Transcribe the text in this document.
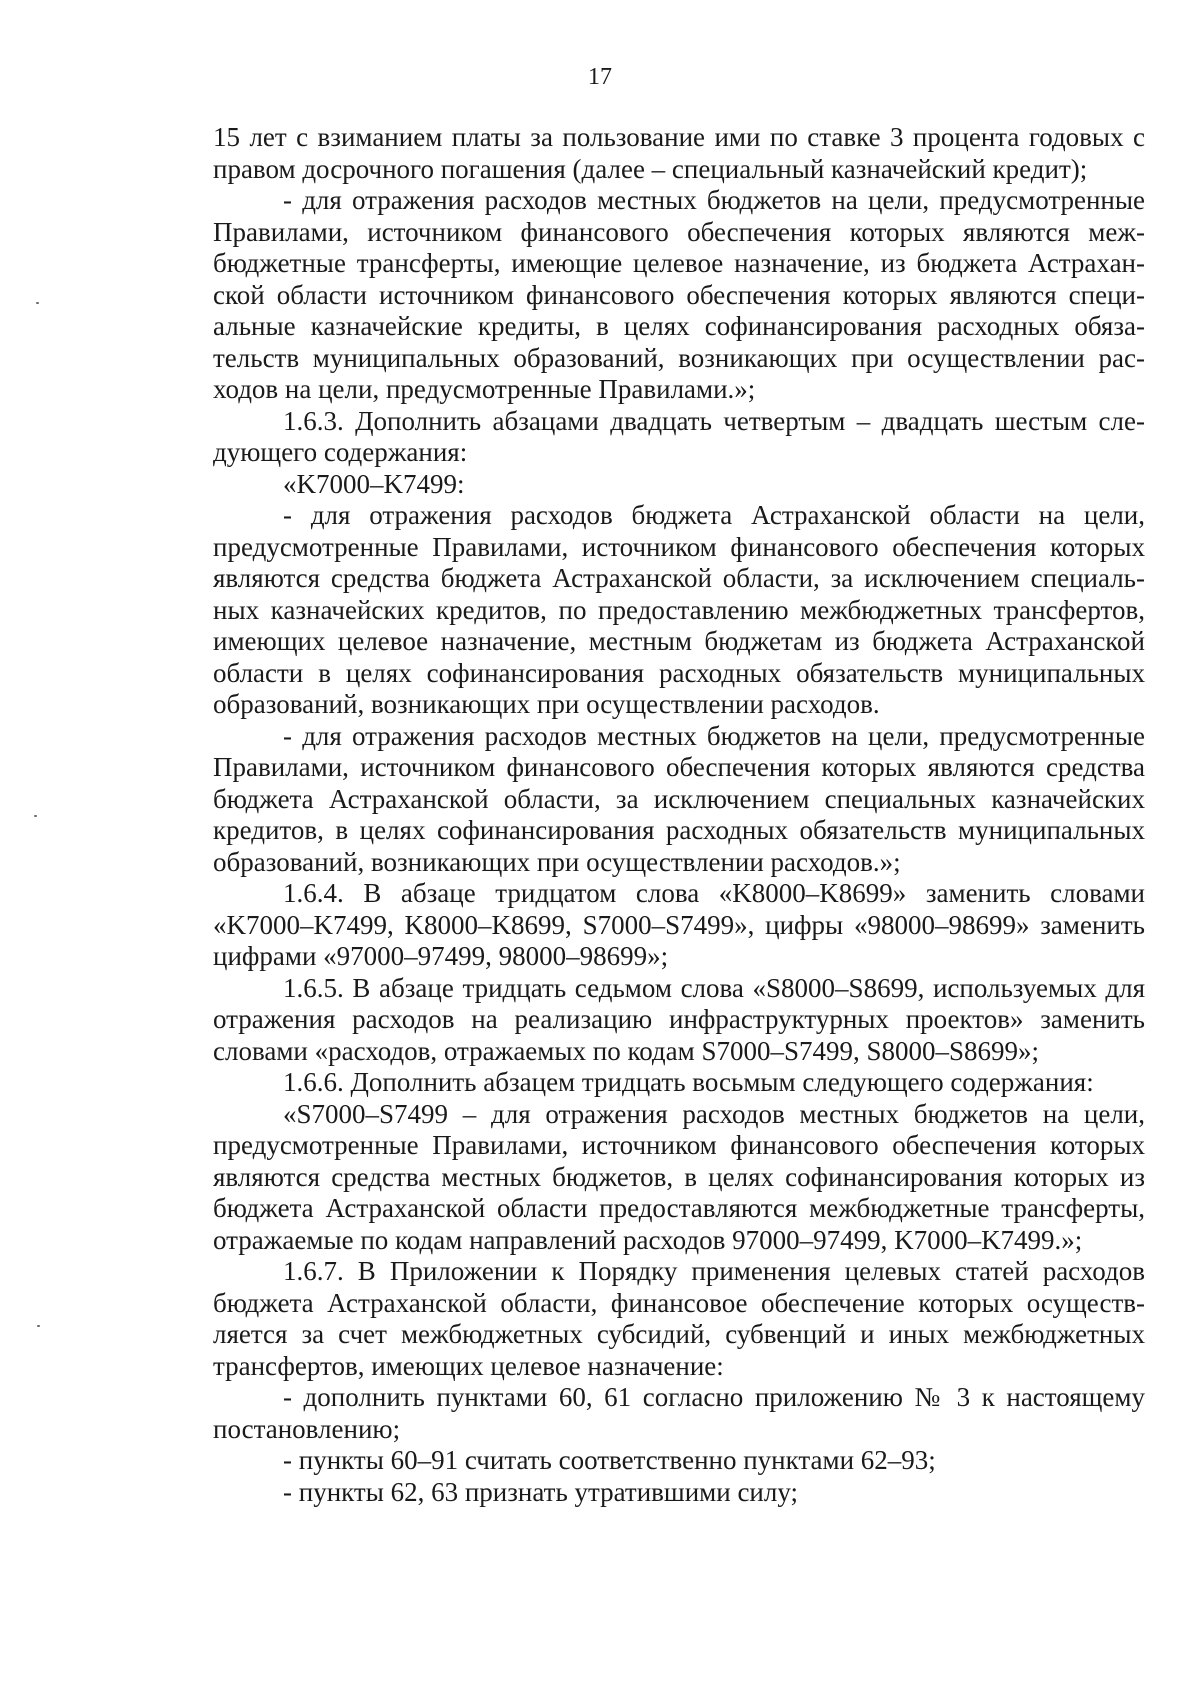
17

15 лет с взиманием платы за пользование ими по ставке 3 процента годовых с правом досрочного погашения (далее – специальный казначейский кредит);

- для отражения расходов местных бюджетов на цели, предусмотренные Правилами, источником финансового обеспечения которых являются межбюджетные трансферты, имеющие целевое назначение, из бюджета Астраханской области источником финансового обеспечения которых являются специальные казначейские кредиты, в целях софинансирования расходных обязательств муниципальных образований, возникающих при осуществлении расходов на цели, предусмотренные Правилами.»;

1.6.3. Дополнить абзацами двадцать четвертым – двадцать шестым следующего содержания:

«K7000–K7499:

- для отражения расходов бюджета Астраханской области на цели, предусмотренные Правилами, источником финансового обеспечения которых являются средства бюджета Астраханской области, за исключением специальных казначейских кредитов, по предоставлению межбюджетных трансфертов, имеющих целевое назначение, местным бюджетам из бюджета Астраханской области в целях софинансирования расходных обязательств муниципальных образований, возникающих при осуществлении расходов.

- для отражения расходов местных бюджетов на цели, предусмотренные Правилами, источником финансового обеспечения которых являются средства бюджета Астраханской области, за исключением специальных казначейских кредитов, в целях софинансирования расходных обязательств муниципальных образований, возникающих при осуществлении расходов.»;

1.6.4. В абзаце тридцатом слова «K8000–K8699» заменить словами «K7000–K7499, K8000–K8699, S7000–S7499», цифры «98000–98699» заменить цифрами «97000–97499, 98000–98699»;

1.6.5. В абзаце тридцать седьмом слова «S8000–S8699, используемых для отражения расходов на реализацию инфраструктурных проектов» заменить словами «расходов, отражаемых по кодам S7000–S7499, S8000–S8699»;

1.6.6. Дополнить абзацем тридцать восьмым следующего содержания:

«S7000–S7499 – для отражения расходов местных бюджетов на цели, предусмотренные Правилами, источником финансового обеспечения которых являются средства местных бюджетов, в целях софинансирования которых из бюджета Астраханской области предоставляются межбюджетные трансферты, отражаемые по кодам направлений расходов 97000–97499, K7000–K7499.»;

1.6.7. В Приложении к Порядку применения целевых статей расходов бюджета Астраханской области, финансовое обеспечение которых осуществляется за счет межбюджетных субсидий, субвенций и иных межбюджетных трансфертов, имеющих целевое назначение:

- дополнить пунктами 60, 61 согласно приложению № 3 к настоящему постановлению;

- пункты 60–91 считать соответственно пунктами 62–93;

- пункты 62, 63 признать утратившими силу;
